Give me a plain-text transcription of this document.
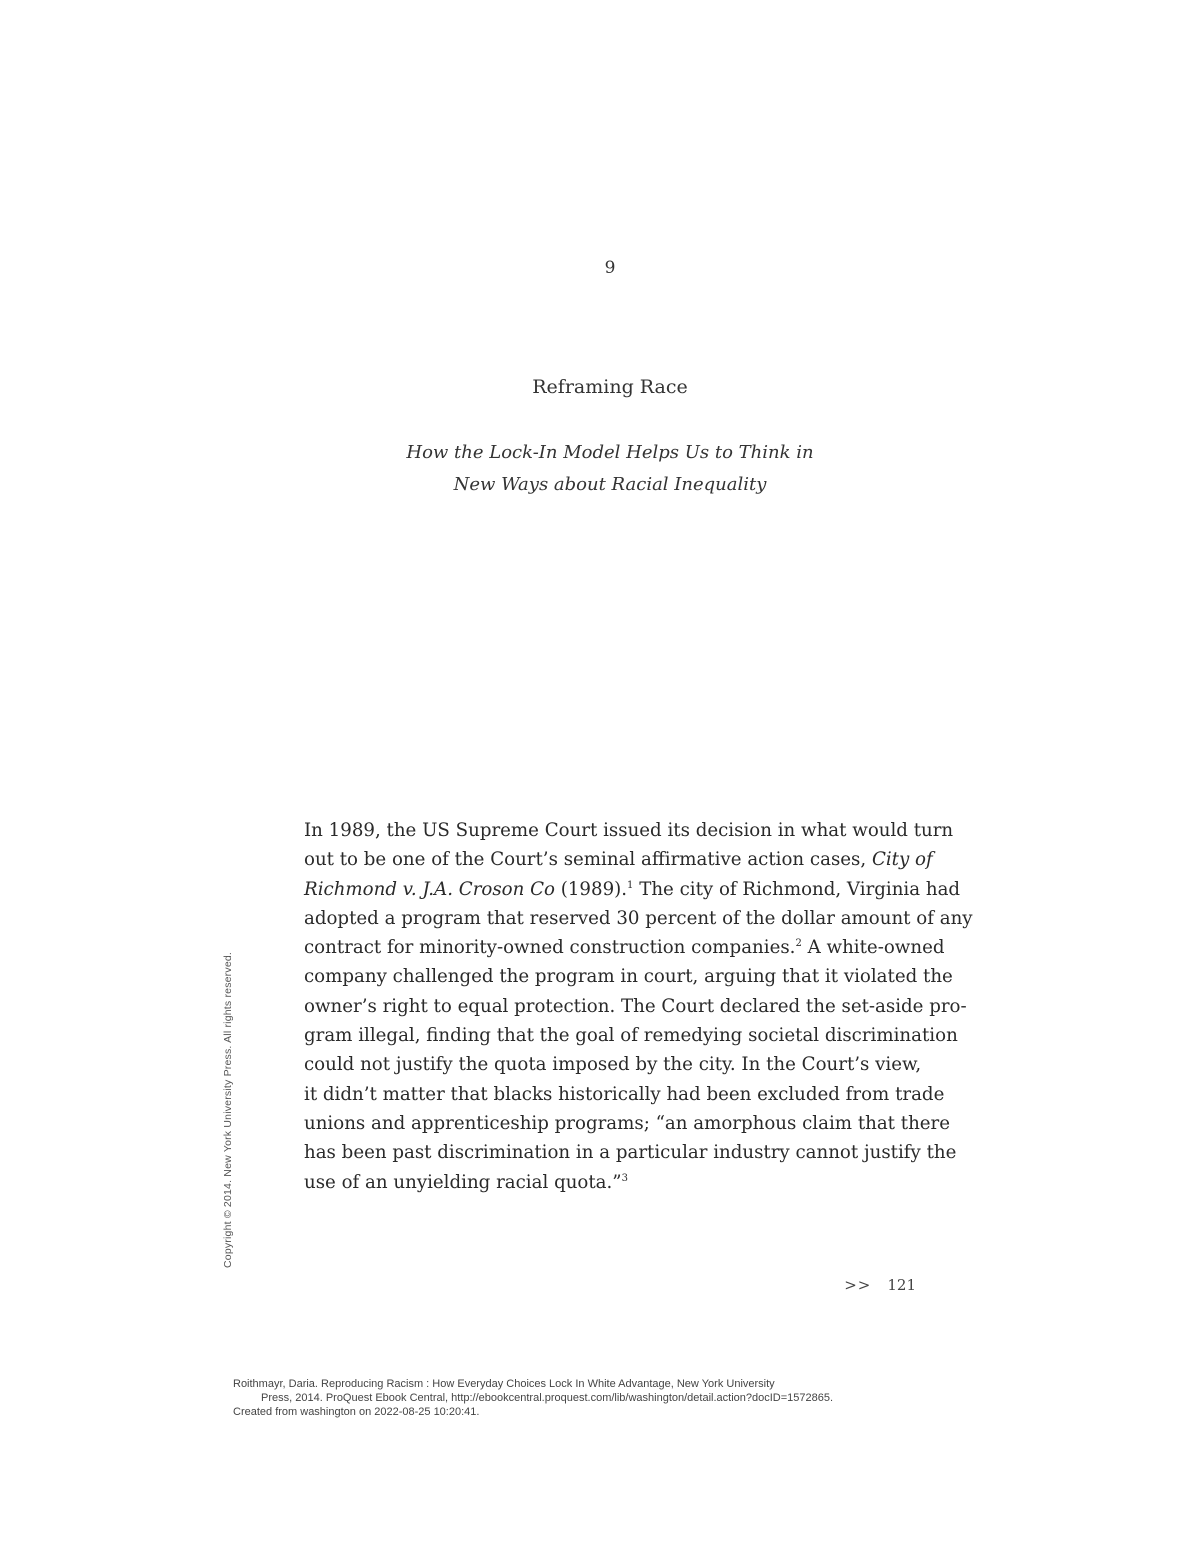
9
Reframing Race
How the Lock-In Model Helps Us to Think in
New Ways about Racial Inequality
In 1989, the US Supreme Court issued its decision in what would turn
out to be one of the Court’s seminal affirmative action cases, City of
Richmond v. J.A. Croson Co (1989).$^1$ The city of Richmond, Virginia had
adopted a program that reserved 30 percent of the dollar amount of any
contract for minority-owned construction companies.$^2$ A white-owned
company challenged the program in court, arguing that it violated the
owner’s right to equal protection. The Court declared the set-aside pro-
gram illegal, finding that the goal of remedying societal discrimination
could not justify the quota imposed by the city. In the Court’s view,
it didn’t matter that blacks historically had been excluded from trade
unions and apprenticeship programs; “an amorphous claim that there
has been past discrimination in a particular industry cannot justify the
use of an unyielding racial quota.”$^3$
>> 121
Copyright © 2014. New York University Press. All rights reserved.
Roithmayr, Daria. Reproducing Racism : How Everyday Choices Lock In White Advantage, New York University
Press, 2014. ProQuest Ebook Central, http://ebookcentral.proquest.com/lib/washington/detail.action?docID=1572865.
Created from washington on 2022-08-25 10:20:41.
